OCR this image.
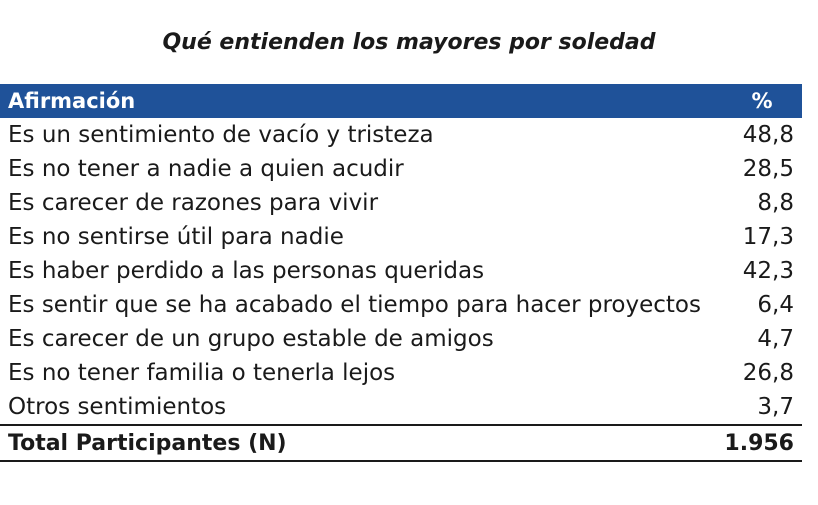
Qué entienden los mayores por soledad
Afirmación	%
Es un sentimiento de vacío y tristeza	48,8
Es no tener a nadie a quien acudir	28,5
Es carecer de razones para vivir	8,8
Es no sentirse útil para nadie	17,3
Es haber perdido a las personas queridas	42,3
Es sentir que se ha acabado el tiempo para hacer proyectos	6,4
Es carecer de un grupo estable de amigos	4,7
Es no tener familia o tenerla lejos	26,8
Otros sentimientos	3,7
Total Participantes (N)	1.956
